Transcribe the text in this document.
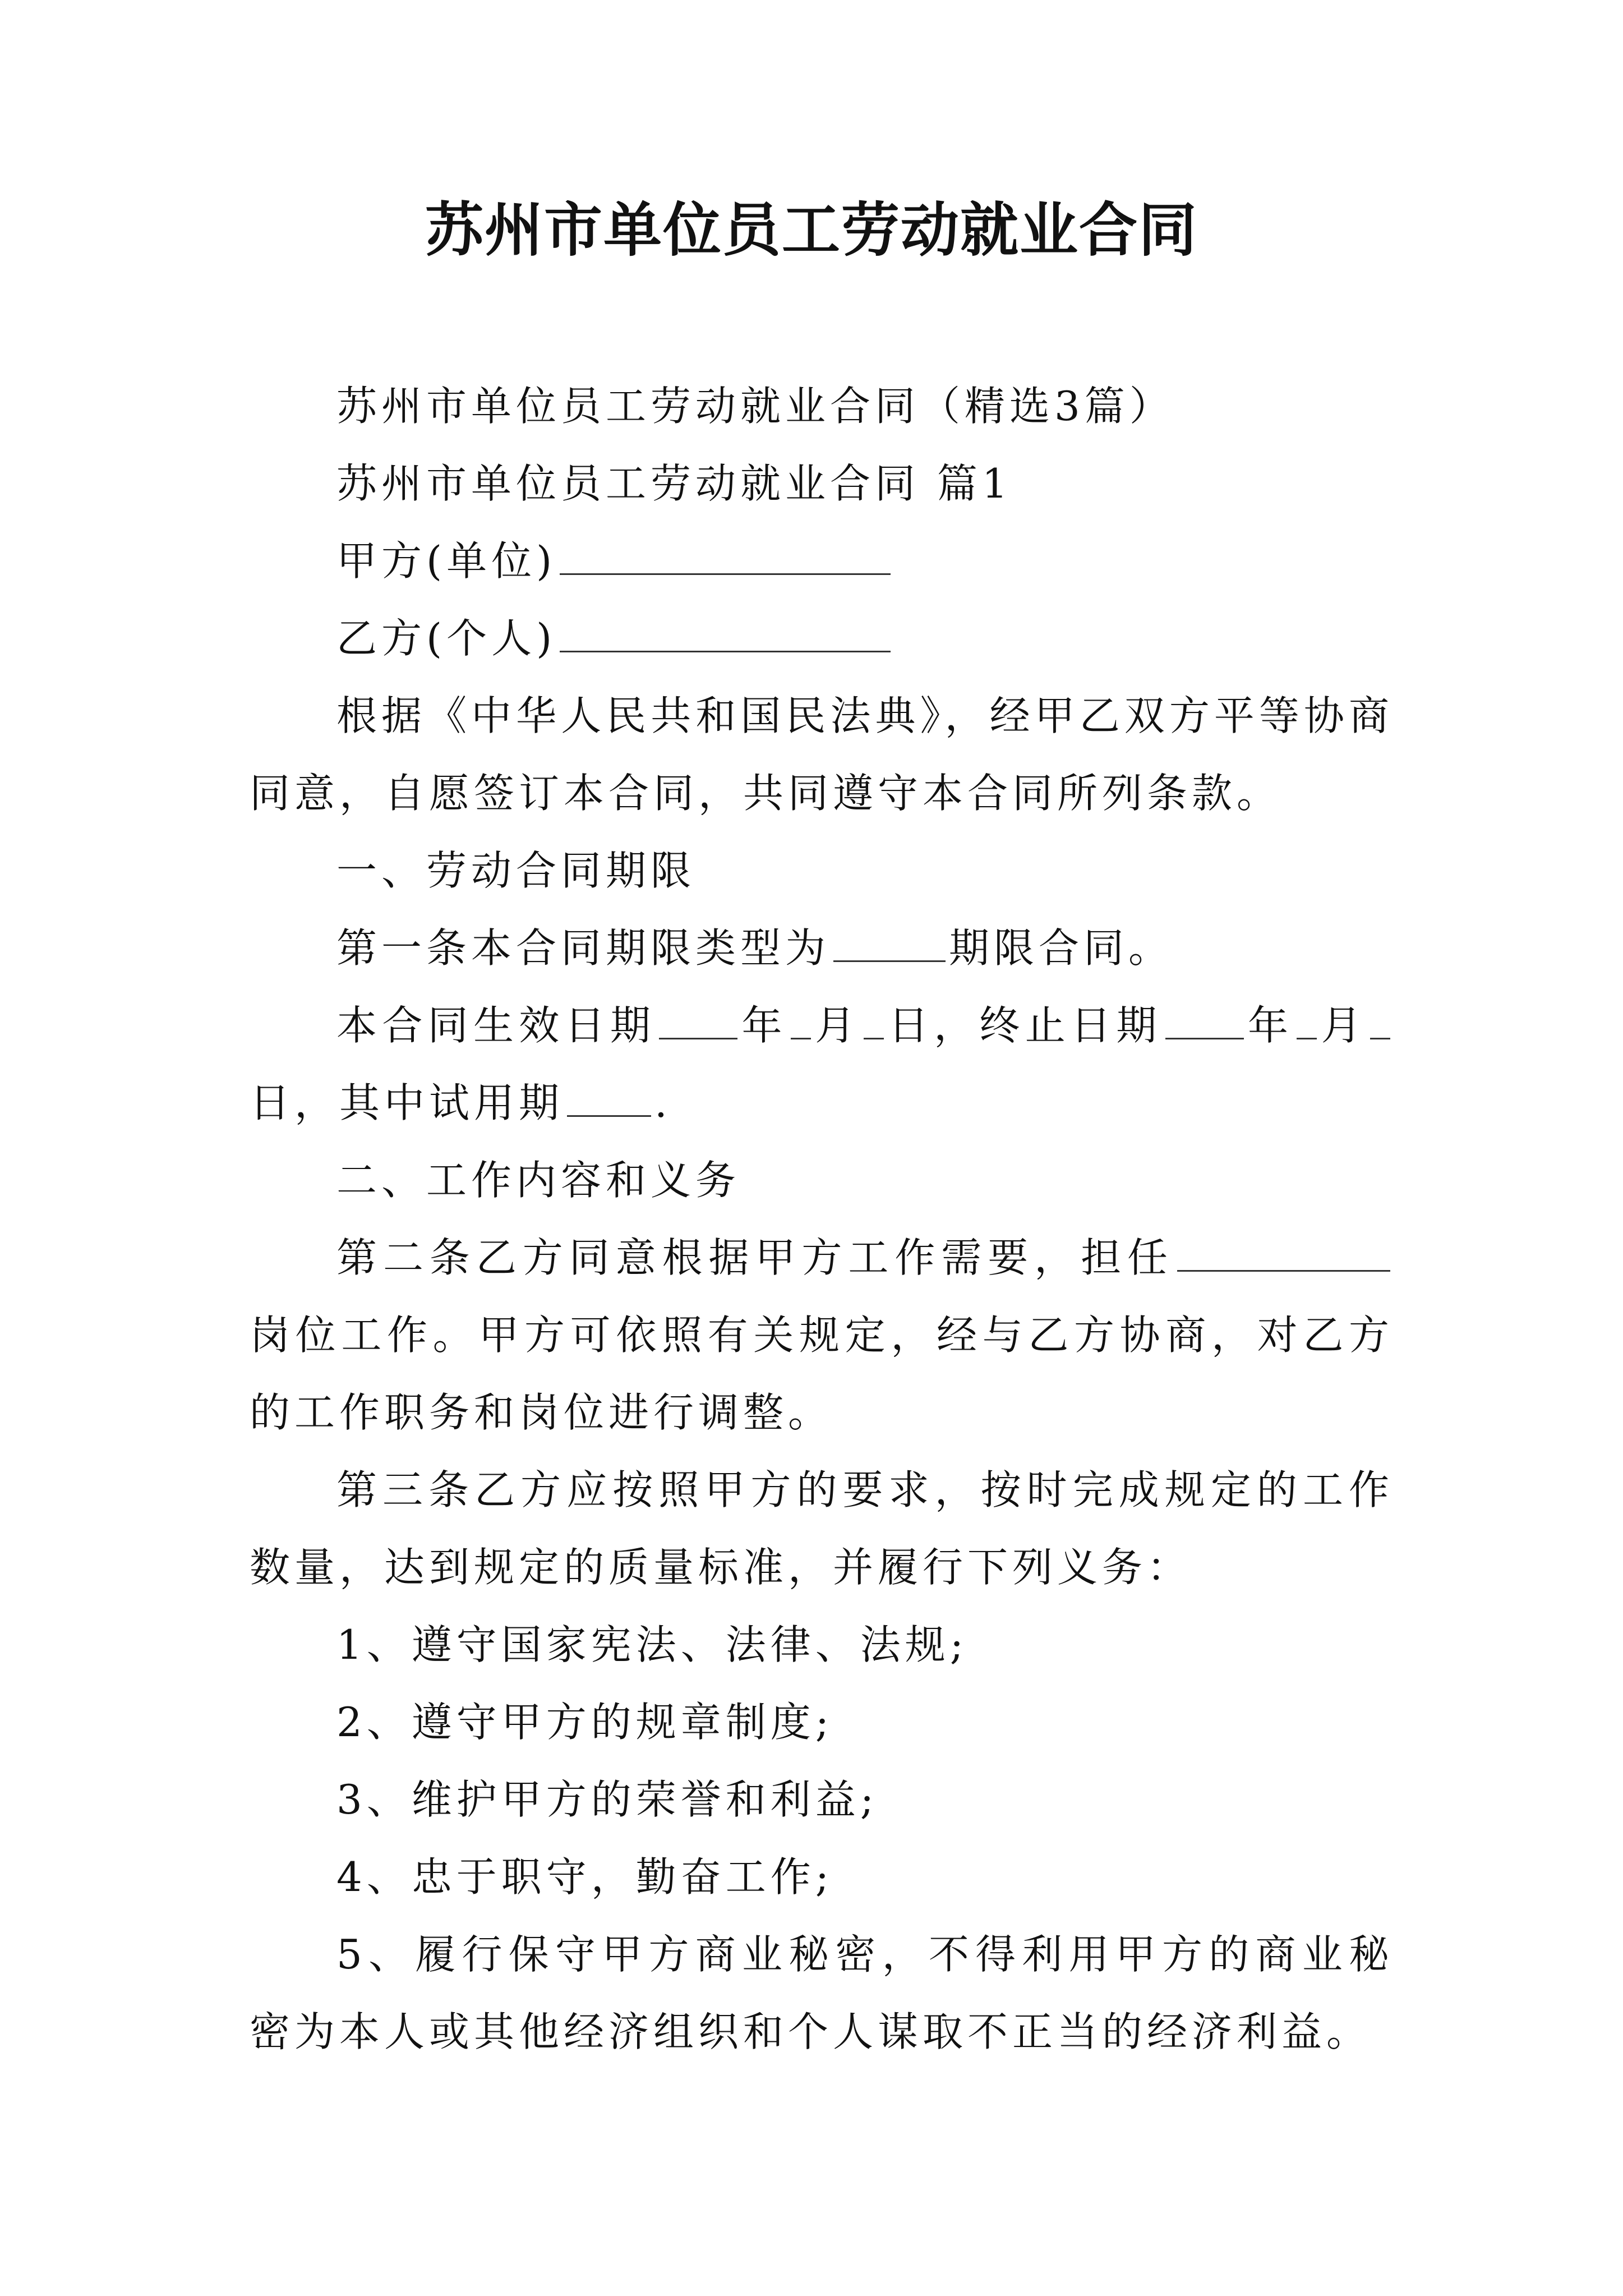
苏州市单位员工劳动就业合同

苏州市单位员工劳动就业合同（精选3篇）

苏州市单位员工劳动就业合同 篇1

甲方(单位)

乙方(个人)

根据《中华人民共和国民法典》，经甲乙双方平等协商同意，自愿签订本合同，共同遵守本合同所列条款。

一、劳动合同期限

第一条本合同期限类型为	期限合同。

本合同生效日期 年 月 日，终止日期 年 月日，其中试用期 .

二、工作内容和义务

第二条乙方同意根据甲方工作需要，担任岗位工作。甲方可依照有关规定，经与乙方协商，对乙方的工作职务和岗位进行调整。

第三条乙方应按照甲方的要求，按时完成规定的工作数量，达到规定的质量标准，并履行下列义务：

1、遵守国家宪法、法律、法规;

2、遵守甲方的规章制度;

3、维护甲方的荣誉和利益;

4、忠于职守，勤奋工作;

5、履行保守甲方商业秘密，不得利用甲方的商业秘密为本人或其他经济组织和个人谋取不正当的经济利益。
